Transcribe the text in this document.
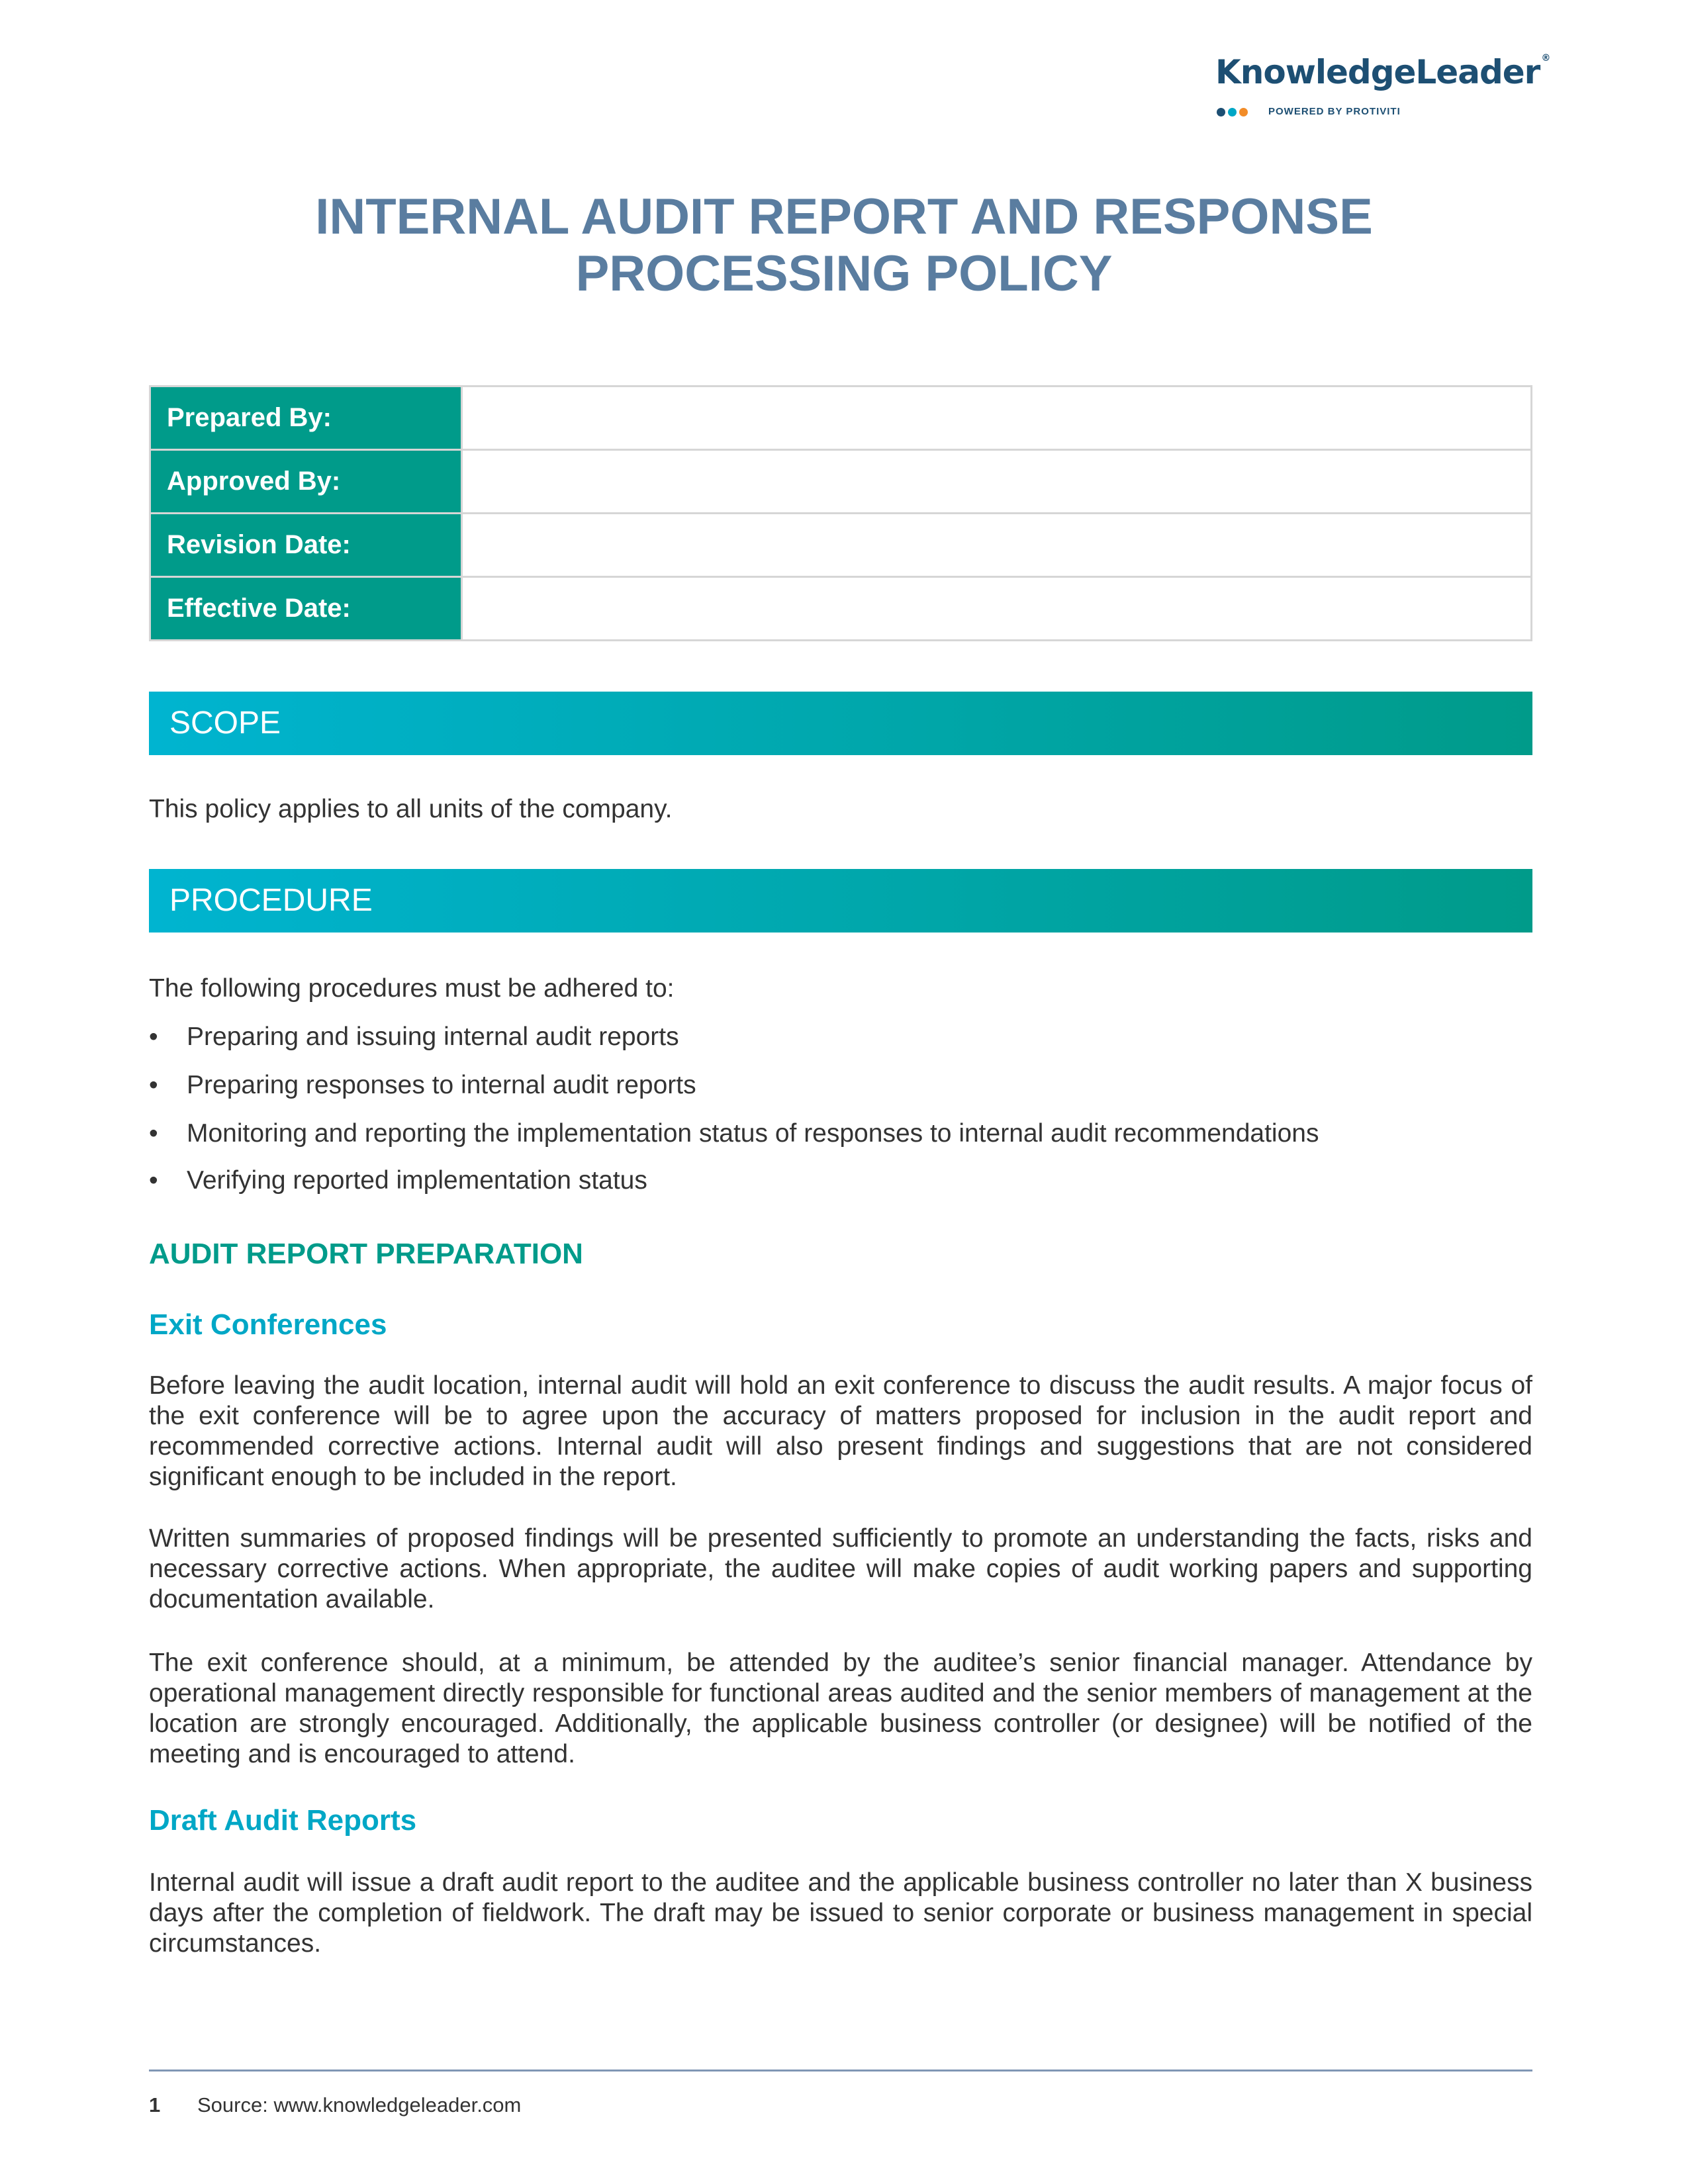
KnowledgeLeader ®
POWERED BY PROTIVITI
INTERNAL AUDIT REPORT AND RESPONSE
PROCESSING POLICY
Prepared By:	
Approved By:	
Revision Date:	
Effective Date:	
SCOPE

This policy applies to all units of the company.

PROCEDURE

The following procedures must be adhered to:

• Preparing and issuing internal audit reports
• Preparing responses to internal audit reports
• Monitoring and reporting the implementation status of responses to internal audit recommendations
• Verifying reported implementation status
AUDIT REPORT PREPARATION
Exit Conferences

Before leaving the audit location, internal audit will hold an exit conference to discuss the audit results. A major focus of the exit conference will be to agree upon the accuracy of matters proposed for inclusion in the audit report and recommended corrective actions. Internal audit will also present findings and suggestions that are not considered significant enough to be included in the report.

Written summaries of proposed findings will be presented sufficiently to promote an understanding the facts, risks and necessary corrective actions. When appropriate, the auditee will make copies of audit working papers and supporting documentation available.

The exit conference should, at a minimum, be attended by the auditee’s senior financial manager. Attendance by operational management directly responsible for functional areas audited and the senior members of management at the location are strongly encouraged. Additionally, the applicable business controller (or designee) will be notified of the meeting and is encouraged to attend.

Draft Audit Reports

Internal audit will issue a draft audit report to the auditee and the applicable business controller no later than X business days after the completion of fieldwork. The draft may be issued to senior corporate or business management in special circumstances.

1 Source: www.knowledgeleader.com
